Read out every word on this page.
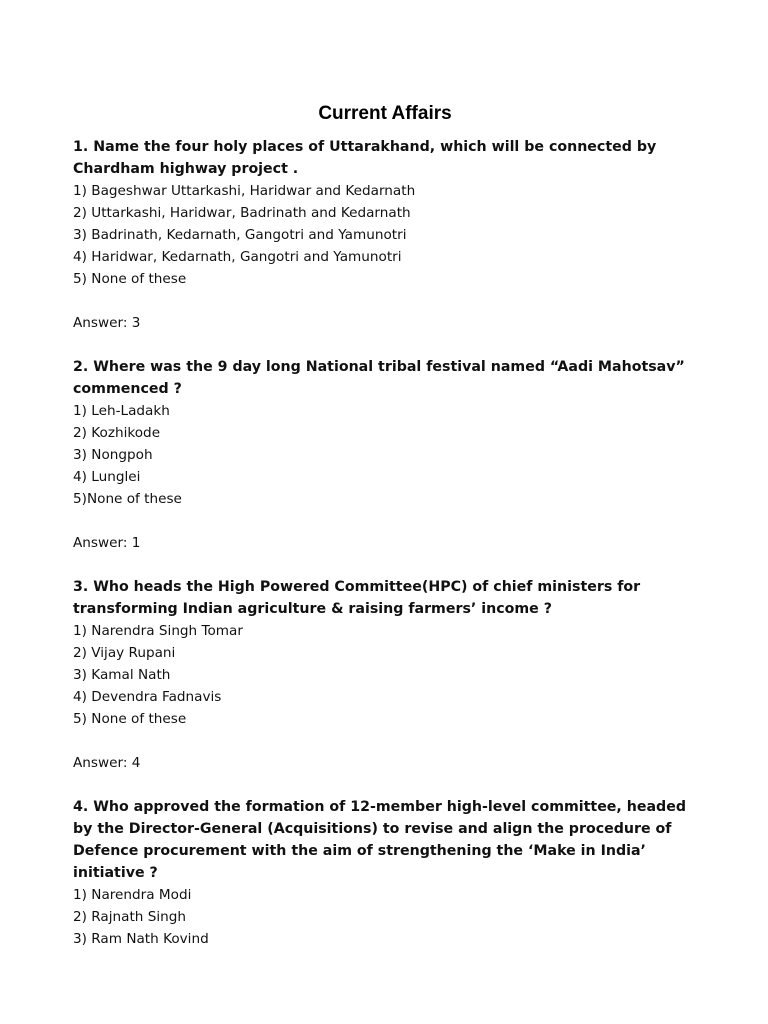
Current Affairs

1. Name the four holy places of Uttarakhand, which will be connected by Chardham highway project .

1) Bageshwar Uttarkashi, Haridwar and Kedarnath
2) Uttarkashi, Haridwar, Badrinath and Kedarnath
3) Badrinath, Kedarnath, Gangotri and Yamunotri
4) Haridwar, Kedarnath, Gangotri and Yamunotri
5) None of these

Answer: 3

2. Where was the 9 day long National tribal festival named “Aadi Mahotsav” commenced ?

1) Leh-Ladakh
2) Kozhikode
3) Nongpoh
4) Lunglei
5)None of these

Answer: 1

3. Who heads the High Powered Committee(HPC) of chief ministers for transforming Indian agriculture & raising farmers’ income ?

1) Narendra Singh Tomar
2) Vijay Rupani
3) Kamal Nath
4) Devendra Fadnavis
5) None of these

Answer: 4

4. Who approved the formation of 12-member high-level committee, headed by the Director-General (Acquisitions) to revise and align the procedure of Defence procurement with the aim of strengthening the ‘Make in India’ initiative ?

1) Narendra Modi
2) Rajnath Singh
3) Ram Nath Kovind
